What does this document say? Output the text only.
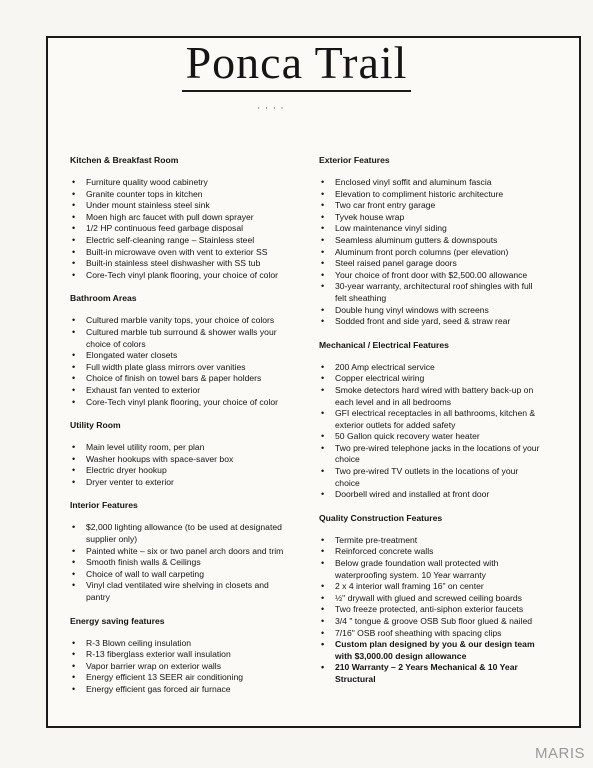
Ponca Trail
' ' ' '
Kitchen & Breakfast Room
• Furniture quality wood cabinetry
• Granite counter tops in kitchen
• Under mount stainless steel sink
• Moen high arc faucet with pull down sprayer
• 1/2 HP continuous feed garbage disposal
• Electric self-cleaning range – Stainless steel
• Built-in microwave oven with vent to exterior SS
• Built-in stainless steel dishwasher with SS tub
• Core-Tech vinyl plank flooring, your choice of color
Bathroom Areas
• Cultured marble vanity tops, your choice of colors
• Cultured marble tub surround & shower walls your choice of colors
• Elongated water closets
• Full width plate glass mirrors over vanities
• Choice of finish on towel bars & paper holders
• Exhaust fan vented to exterior
• Core-Tech vinyl plank flooring, your choice of color
Utility Room
• Main level utility room, per plan
• Washer hookups with space-saver box
• Electric dryer hookup
• Dryer venter to exterior
Interior Features
• $2,000 lighting allowance (to be used at designated supplier only)
• Painted white – six or two panel arch doors and trim
• Smooth finish walls & Ceilings
• Choice of wall to wall carpeting
• Vinyl clad ventilated wire shelving in closets and pantry
Energy saving features
• R-3 Blown ceiling insulation
• R-13 fiberglass exterior wall insulation
• Vapor barrier wrap on exterior walls
• Energy efficient 13 SEER air conditioning
• Energy efficient gas forced air furnace
Exterior Features
• Enclosed vinyl soffit and aluminum fascia
• Elevation to compliment historic architecture
• Two car front entry garage
• Tyvek house wrap
• Low maintenance vinyl siding
• Seamless aluminum gutters & downspouts
• Aluminum front porch columns (per elevation)
• Steel raised panel garage doors
• Your choice of front door with $2,500.00 allowance
• 30-year warranty, architectural roof shingles with full felt sheathing
• Double hung vinyl windows with screens
• Sodded front and side yard, seed & straw rear
Mechanical / Electrical Features
• 200 Amp electrical service
• Copper electrical wiring
• Smoke detectors hard wired with battery back-up on each level and in all bedrooms
• GFI electrical receptacles in all bathrooms, kitchen & exterior outlets for added safety
• 50 Gallon quick recovery water heater
• Two pre-wired telephone jacks in the locations of your choice
• Two pre-wired TV outlets in the locations of your choice
• Doorbell wired and installed at front door
Quality Construction Features
• Termite pre-treatment
• Reinforced concrete walls
• Below grade foundation wall protected with waterproofing system. 10 Year warranty
• 2 x 4 interior wall framing 16" on center
• ½" drywall with glued and screwed ceiling boards
• Two freeze protected, anti-siphon exterior faucets
• 3/4 " tongue & groove OSB Sub floor glued & nailed
• 7/16" OSB roof sheathing with spacing clips
• Custom plan designed by you & our design team with $3,000.00 design allowance
• 210 Warranty – 2 Years Mechanical & 10 Year Structural
MARIS
